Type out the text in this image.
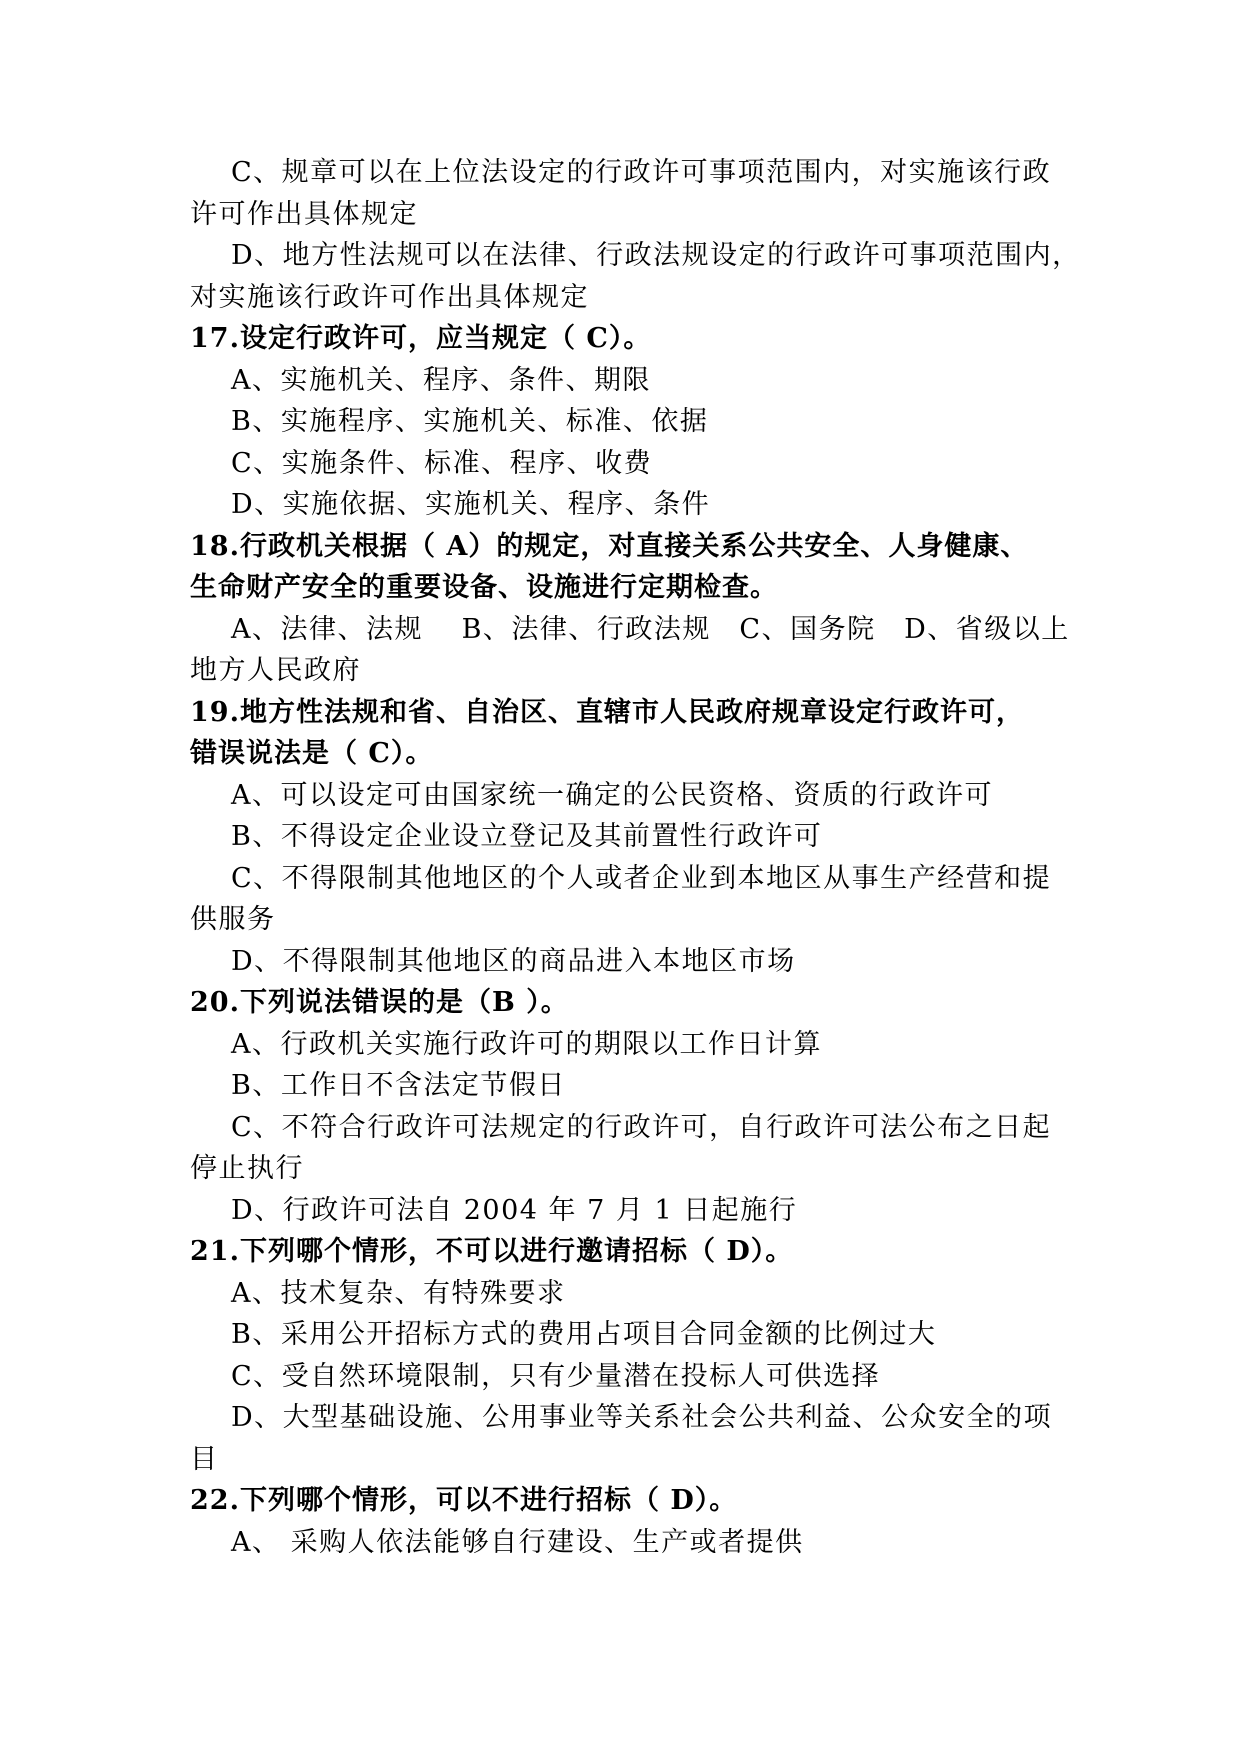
C、规章可以在上位法设定的行政许可事项范围内，对实施该行政
许可作出具体规定
D、地方性法规可以在法律、行政法规设定的行政许可事项范围内，
对实施该行政许可作出具体规定
17.设定行政许可，应当规定（ C）。
A、实施机关、程序、条件、期限
B、实施程序、实施机关、标准、依据
C、实施条件、标准、程序、收费
D、实施依据、实施机关、程序、条件
18.行政机关根据（ A）的规定，对直接关系公共安全、人身健康、
生命财产安全的重要设备、设施进行定期检查。
A、法律、法规　 B、法律、行政法规　C、国务院　D、省级以上
地方人民政府
19.地方性法规和省、自治区、直辖市人民政府规章设定行政许可，
错误说法是（ C）。
A、可以设定可由国家统一确定的公民资格、资质的行政许可
B、不得设定企业设立登记及其前置性行政许可
C、不得限制其他地区的个人或者企业到本地区从事生产经营和提
供服务
D、不得限制其他地区的商品进入本地区市场
20.下列说法错误的是（B ）。
A、行政机关实施行政许可的期限以工作日计算
B、工作日不含法定节假日
C、不符合行政许可法规定的行政许可，自行政许可法公布之日起
停止执行
D、行政许可法自 2004 年 7 月 1 日起施行
21.下列哪个情形，不可以进行邀请招标（ D）。
A、技术复杂、有特殊要求
B、采用公开招标方式的费用占项目合同金额的比例过大
C、受自然环境限制，只有少量潜在投标人可供选择
D、大型基础设施、公用事业等关系社会公共利益、公众安全的项
目
22.下列哪个情形，可以不进行招标（ D）。
A、 采购人依法能够自行建设、生产或者提供
